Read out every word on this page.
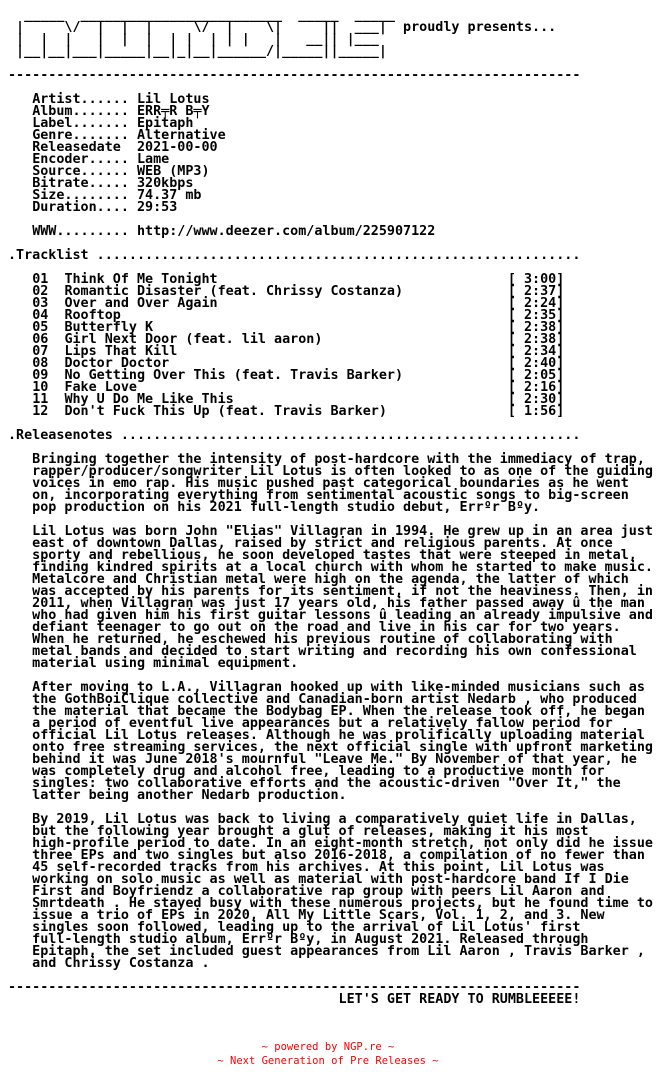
_____  _________________________  _____  _____
|     \/  |  |  |     \/  |    \|     ||  ___|  proudly presents...
|  |  |   |  |  |  | |  | | |   |   __|| |___
|__|__|___|_____|__|_|__|______/|_____||_____|

-----------------------------------------------------------------------

Artist...... Lil Lotus
Album....... ERR╤R B╤Y
Label....... Epitaph
Genre....... Alternative
Releasedate  2021-00-00
Encoder..... Lame
Source...... WEB (MP3)
Bitrate..... 320kbps
Size........ 74.37 mb
Duration.... 29:53

WWW......... http://www.deezer.com/album/225907122

.Tracklist ............................................................

01 Think Of Me Tonight	[ 3:00]
02 Romantic Disaster (feat. Chrissy Costanza)	[ 2:37]
03 Over and Over Again	[ 2:24]
04 Rooftop	[ 2:35]
05 Butterfly K	[ 2:38]
06 Girl Next Door (feat. lil aaron)	[ 2:38]
07 Lips That Kill	[ 2:34]
08 Doctor Doctor	[ 2:40]
09 No Getting Over This (feat. Travis Barker)	[ 2:05]
10 Fake Love	[ 2:16]
11 Why U Do Me Like This	[ 2:30]
12 Don't Fuck This Up (feat. Travis Barker)	[ 1:56]

.Releasenotes .........................................................

Bringing together the intensity of post-hardcore with the immediacy of trap,
rapper/producer/songwriter Lil Lotus is often looked to as one of the guiding
voices in emo rap. His music pushed past categorical boundaries as he went
on, incorporating everything from sentimental acoustic songs to big-screen
pop production on his 2021 full-length studio debut, Errºr Bºy.

Lil Lotus was born John "Elias" Villagran in 1994. He grew up in an area just
east of downtown Dallas, raised by strict and religious parents. At once
sporty and rebellious, he soon developed tastes that were steeped in metal,
finding kindred spirits at a local church with whom he started to make music.
Metalcore and Christian metal were high on the agenda, the latter of which
was accepted by his parents for its sentiment, if not the heaviness. Then, in
2011, when Villagran was just 17 years old, his father passed away û the man
who had given him his first guitar lessons û leading an already impulsive and
defiant teenager to go out on the road and live in his car for two years.
When he returned, he eschewed his previous routine of collaborating with
metal bands and decided to start writing and recording his own confessional
material using minimal equipment.

After moving to L.A., Villagran hooked up with like-minded musicians such as
the GothBoiClique collective and Canadian-born artist Nedarb , who produced
the material that became the Bodybag EP. When the release took off, he began
a period of eventful live appearances but a relatively fallow period for
official Lil Lotus releases. Although he was prolifically uploading material
onto free streaming services, the next official single with upfront marketing
behind it was June 2018's mournful "Leave Me." By November of that year, he
was completely drug and alcohol free, leading to a productive month for
singles: two collaborative efforts and the acoustic-driven "Over It," the
latter being another Nedarb production.

By 2019, Lil Lotus was back to living a comparatively quiet life in Dallas,
but the following year brought a glut of releases, making it his most
high-profile period to date. In an eight-month stretch, not only did he issue
three EPs and two singles but also 2016-2018, a compilation of no fewer than
45 self-recorded tracks from his archives. At this point, Lil Lotus was
working on solo music as well as material with post-hardcore band If I Die
First and Boyfriendz a collaborative rap group with peers Lil Aaron and
Smrtdeath . He stayed busy with these numerous projects, but he found time to
issue a trio of EPs in 2020, All My Little Scars, Vol. 1, 2, and 3. New
singles soon followed, leading up to the arrival of Lil Lotus' first
full-length studio album, Errºr Bºy, in August 2021. Released through
Epitaph, the set included guest appearances from Lil Aaron , Travis Barker ,
and Chrissy Costanza .

-----------------------------------------------------------------------
LET'S GET READY TO RUMBLEEEEE!

~ powered by NGP.re ~
~ Next Generation of Pre Releases ~
